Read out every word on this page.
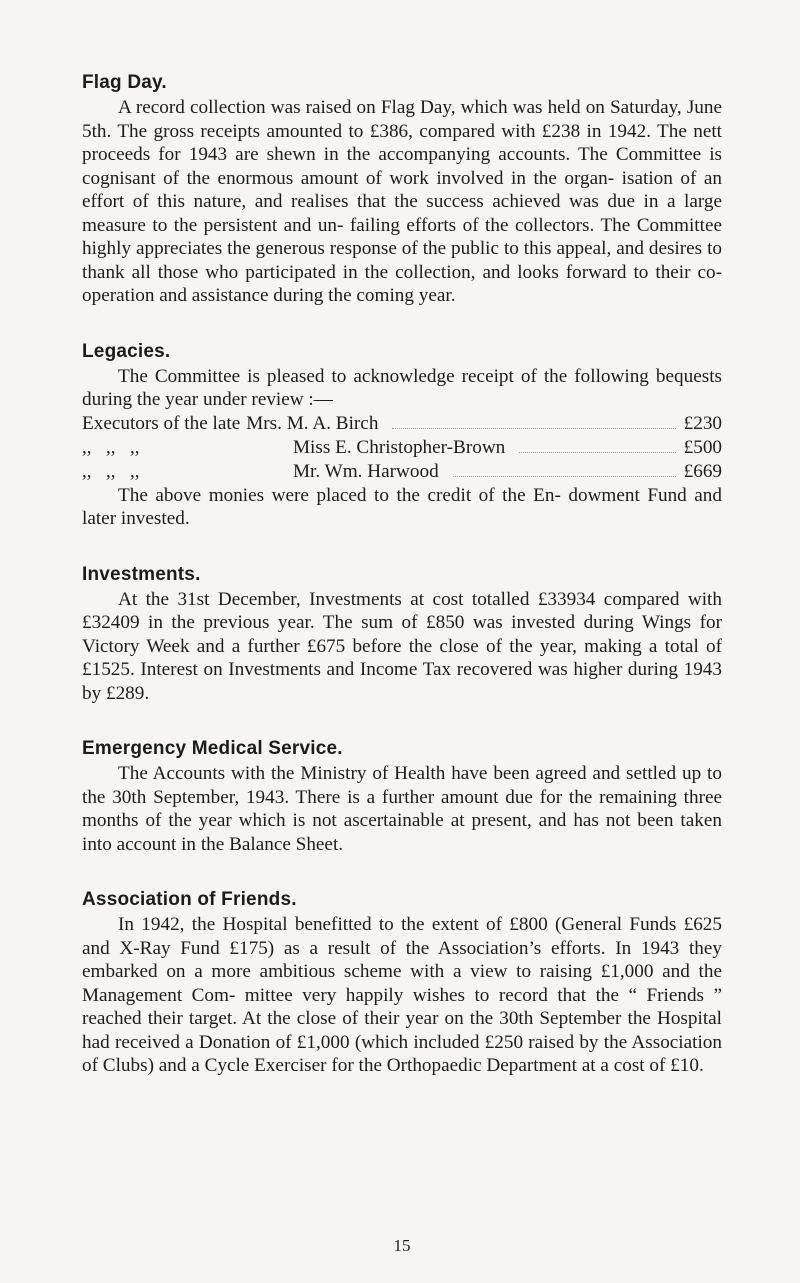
Flag Day.

A record collection was raised on Flag Day, which was held on Saturday, June 5th. The gross receipts amounted to £386, compared with £238 in 1942. The nett proceeds for 1943 are shewn in the accompanying accounts. The Committee is cognisant of the enormous amount of work involved in the organ- isation of an effort of this nature, and realises that the success achieved was due in a large measure to the persistent and un- failing efforts of the collectors. The Committee highly appreciates the generous response of the public to this appeal, and desires to thank all those who participated in the collection, and looks forward to their co-operation and assistance during the coming year.

Legacies.

The Committee is pleased to acknowledge receipt of the following bequests during the year under review :—

Executors of the late Mrs. M. A. Birch	£230
,,   ,,   ,,	Miss E. Christopher-Brown	£500
,,   ,,   ,,	Mr. Wm. Harwood	£669

The above monies were placed to the credit of the En- dowment Fund and later invested.

Investments.

At the 31st December, Investments at cost totalled £33934 compared with £32409 in the previous year. The sum of £850 was invested during Wings for Victory Week and a further £675 before the close of the year, making a total of £1525. Interest on Investments and Income Tax recovered was higher during 1943 by £289.

Emergency Medical Service.

The Accounts with the Ministry of Health have been agreed and settled up to the 30th September, 1943. There is a further amount due for the remaining three months of the year which is not ascertainable at present, and has not been taken into account in the Balance Sheet.

Association of Friends.

In 1942, the Hospital benefitted to the extent of £800 (General Funds £625 and X-Ray Fund £175) as a result of the Association’s efforts. In 1943 they embarked on a more ambitious scheme with a view to raising £1,000 and the Management Com- mittee very happily wishes to record that the “ Friends ” reached their target. At the close of their year on the 30th September the Hospital had received a Donation of £1,000 (which included £250 raised by the Association of Clubs) and a Cycle Exerciser for the Orthopaedic Department at a cost of £10.

15
